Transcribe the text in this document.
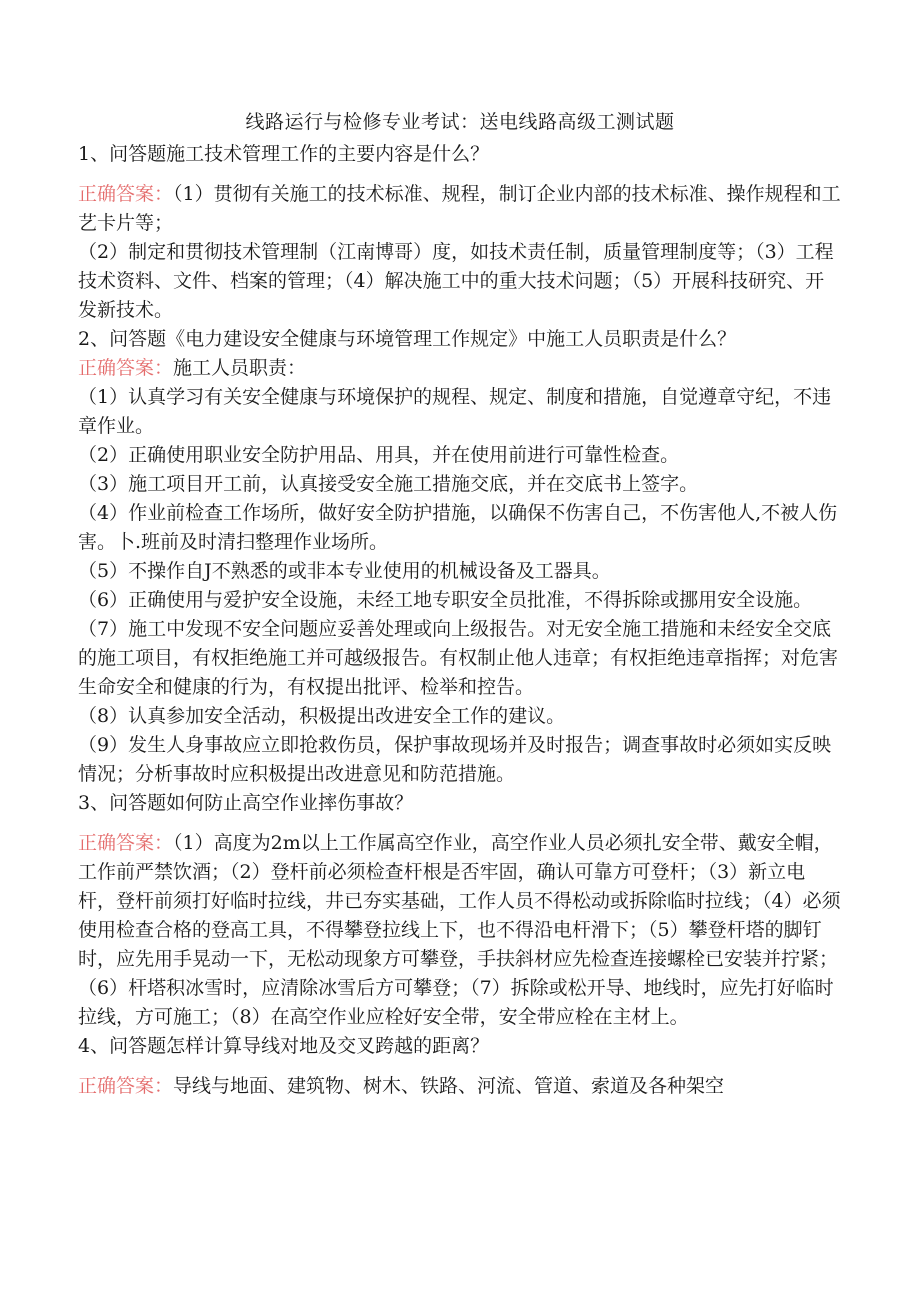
线路运行与检修专业考试：送电线路高级工测试题

1、问答题施工技术管理工作的主要内容是什么？

正确答案：（1）贯彻有关施工的技术标准、规程，制订企业内部的技术标准、操作规程和工艺卡片等；

（2）制定和贯彻技术管理制（江南博哥）度，如技术责任制，质量管理制度等；（3）工程技术资料、文件、档案的管理；（4）解决施工中的重大技术问题；（5）开展科技研究、开发新技术。

2、问答题《电力建设安全健康与环境管理工作规定》中施工人员职责是什么？

正确答案：施工人员职责：

（1）认真学习有关安全健康与环境保护的规程、规定、制度和措施，自觉遵章守纪，不违章作业。

（2）正确使用职业安全防护用品、用具，并在使用前进行可靠性检查。

（3）施工项目开工前，认真接受安全施工措施交底，并在交底书上签字。

（4）作业前检查工作场所，做好安全防护措施，以确保不伤害自己，不伤害他人,不被人伤害。卜.班前及时清扫整理作业场所。

（5）不操作自J不熟悉的或非本专业使用的机械设备及工器具。

（6）正确使用与爱护安全设施，未经工地专职安全员批准，不得拆除或挪用安全设施。

（7）施工中发现不安全问题应妥善处理或向上级报告。对无安全施工措施和未经安全交底的施工项目，有权拒绝施工并可越级报告。有权制止他人违章；有权拒绝违章指挥；对危害生命安全和健康的行为，有权提出批评、检举和控告。

（8）认真参加安全活动，积极提出改进安全工作的建议。

（9）发生人身事故应立即抢救伤员，保护事故现场并及时报告；调查事故时必须如实反映情况；分析事故时应积极提出改进意见和防范措施。

3、问答题如何防止高空作业摔伤事故？

正确答案：（1）高度为2m以上工作属高空作业，高空作业人员必须扎安全带、戴安全帽，工作前严禁饮酒；（2）登杆前必须检查杆根是否牢固，确认可靠方可登杆；（3）新立电杆，登杆前须打好临时拉线，井已夯实基础，工作人员不得松动或拆除临时拉线；（4）必须使用检查合格的登高工具，不得攀登拉线上下，也不得沿电杆滑下；（5）攀登杆塔的脚钉时，应先用手晃动一下，无松动现象方可攀登，手扶斜材应先检查连接螺栓已安装并拧紧；（6）杆塔积冰雪时，应清除冰雪后方可攀登；（7）拆除或松开导、地线时，应先打好临时拉线，方可施工；（8）在高空作业应栓好安全带，安全带应栓在主材上。

4、问答题怎样计算导线对地及交叉跨越的距离？

正确答案：导线与地面、建筑物、树木、铁路、河流、管道、索道及各种架空
